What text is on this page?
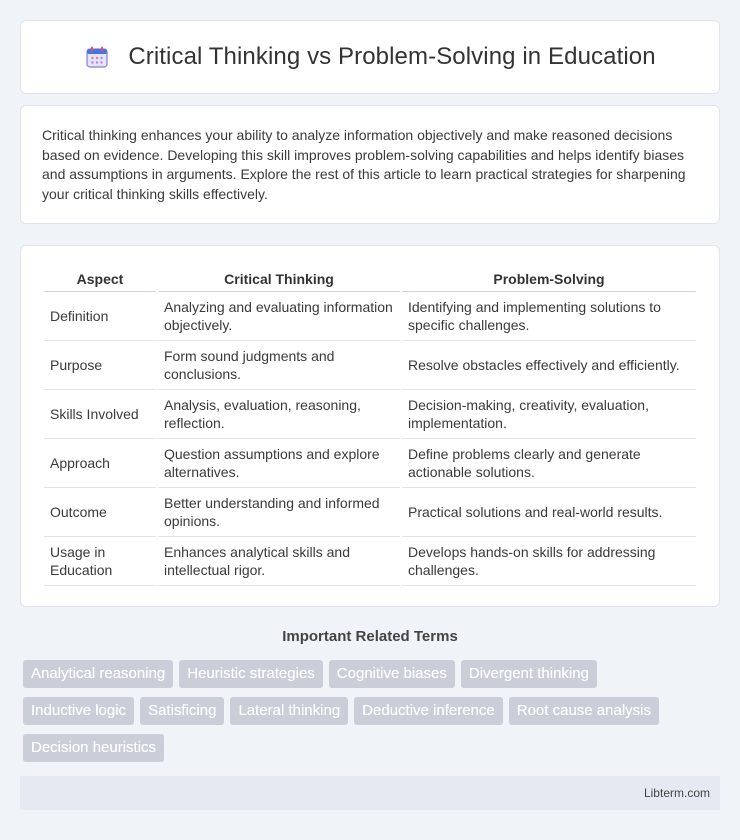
Critical Thinking vs Problem-Solving in Education

Critical thinking enhances your ability to analyze information objectively and make reasoned decisions based on evidence. Developing this skill improves problem-solving capabilities and helps identify biases and assumptions in arguments. Explore the rest of this article to learn practical strategies for sharpening your critical thinking skills effectively.

Aspect	Critical Thinking	Problem-Solving
Definition	Analyzing and evaluating information objectively.	Identifying and implementing solutions to specific challenges.
Purpose	Form sound judgments and conclusions.	Resolve obstacles effectively and efficiently.
Skills Involved	Analysis, evaluation, reasoning, reflection.	Decision-making, creativity, evaluation, implementation.
Approach	Question assumptions and explore alternatives.	Define problems clearly and generate actionable solutions.
Outcome	Better understanding and informed opinions.	Practical solutions and real-world results.
Usage in Education	Enhances analytical skills and intellectual rigor.	Develops hands-on skills for addressing challenges.
Important Related Terms
Analytical reasoning	Heuristic strategies	Cognitive biases	Divergent thinking
Inductive logic	Satisficing	Lateral thinking	Deductive inference	Root cause analysis
Decision heuristics
Libterm.com
